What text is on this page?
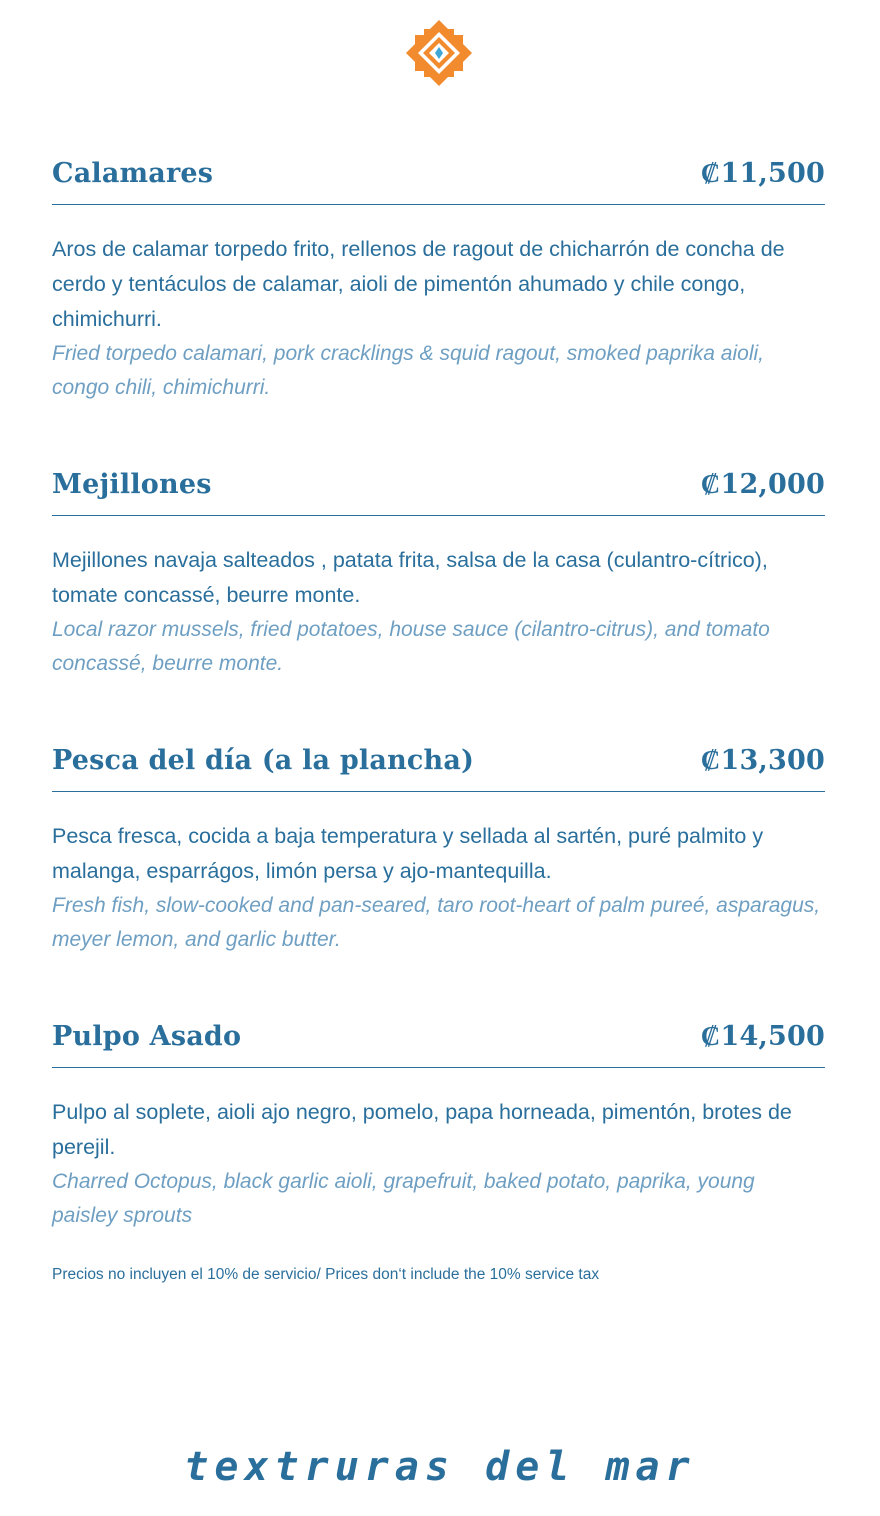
Calamares	₡11,500
Aros de calamar torpedo frito, rellenos de ragout de chicharrón de concha de cerdo y tentáculos de calamar, aioli de pimentón ahumado y chile congo, chimichurri.
Fried torpedo calamari, pork cracklings & squid ragout, smoked paprika aioli, congo chili, chimichurri.
Mejillones	₡12,000
Mejillones navaja salteados , patata frita, salsa de la casa (culantro-cítrico), tomate concassé, beurre monte.
Local razor mussels, fried potatoes, house sauce (cilantro-citrus), and tomato concassé, beurre monte.
Pesca del día (a la plancha)	₡13,300
Pesca fresca, cocida a baja temperatura y sellada al sartén, puré palmito y malanga, esparrágos, limón persa y ajo-mantequilla.
Fresh fish, slow-cooked and pan-seared, taro root-heart of palm pureé, asparagus, meyer lemon, and garlic butter.
Pulpo Asado	₡14,500
Pulpo al soplete, aioli ajo negro, pomelo, papa horneada, pimentón, brotes de perejil.
Charred Octopus, black garlic aioli, grapefruit, baked potato, paprika, young paisley sprouts
Precios no incluyen el 10% de servicio/ Prices don‘t include the 10% service tax
textruras del mar
